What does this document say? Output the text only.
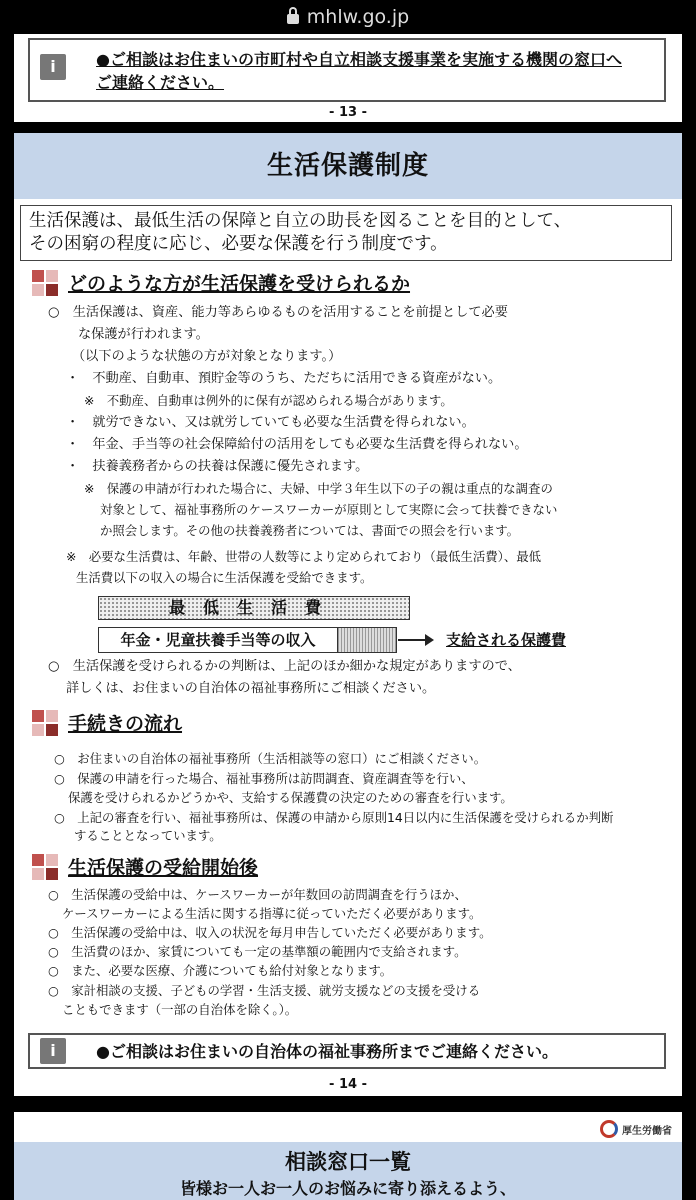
mhlw.go.jp
i	●ご相談はお住まいの市町村や自立相談支援事業を実施する機関の窓口へ
ご連絡ください。
- 13 -
生活保護制度
生活保護は、最低生活の保障と自立の助長を図ることを目的として、
その困窮の程度に応じ、必要な保護を行う制度です。
どのような方が生活保護を受けられるか
○　生活保護は、資産、能力等あらゆるものを活用することを前提として必要
な保護が行われます。
（以下のような状態の方が対象となります。）
・　不動産、自動車、預貯金等のうち、ただちに活用できる資産がない。
※　不動産、自動車は例外的に保有が認められる場合があります。
・　就労できない、又は就労していても必要な生活費を得られない。
・　年金、手当等の社会保障給付の活用をしても必要な生活費を得られない。
・　扶養義務者からの扶養は保護に優先されます。
※　保護の申請が行われた場合に、夫婦、中学３年生以下の子の親は重点的な調査の
対象として、福祉事務所のケースワーカーが原則として実際に会って扶養できない
か照会します。その他の扶養義務者については、書面での照会を行います。
※　必要な生活費は、年齢、世帯の人数等により定められており（最低生活費）、最低
生活費以下の収入の場合に生活保護を受給できます。
最低生活費
年金・児童扶養手当等の収入	支給される保護費
○　生活保護を受けられるかの判断は、上記のほか細かな規定がありますので、
詳しくは、お住まいの自治体の福祉事務所にご相談ください。
手続きの流れ
○　お住まいの自治体の福祉事務所（生活相談等の窓口）にご相談ください。
○　保護の申請を行った場合、福祉事務所は訪問調査、資産調査等を行い、
保護を受けられるかどうかや、支給する保護費の決定のための審査を行います。
○　上記の審査を行い、福祉事務所は、保護の申請から原則14日以内に生活保護を受けられるか判断
することとなっています。
生活保護の受給開始後
○　生活保護の受給中は、ケースワーカーが年数回の訪問調査を行うほか、
ケースワーカーによる生活に関する指導に従っていただく必要があります。
○　生活保護の受給中は、収入の状況を毎月申告していただく必要があります。
○　生活費のほか、家賃についても一定の基準額の範囲内で支給されます。
○　また、必要な医療、介護についても給付対象となります。
○　家計相談の支援、子どもの学習・生活支援、就労支援などの支援を受ける
こともできます（一部の自治体を除く。）。
i	●ご相談はお住まいの自治体の福祉事務所までご連絡ください。
- 14 -
厚生労働省
相談窓口一覧
皆様お一人お一人のお悩みに寄り添えるよう、
